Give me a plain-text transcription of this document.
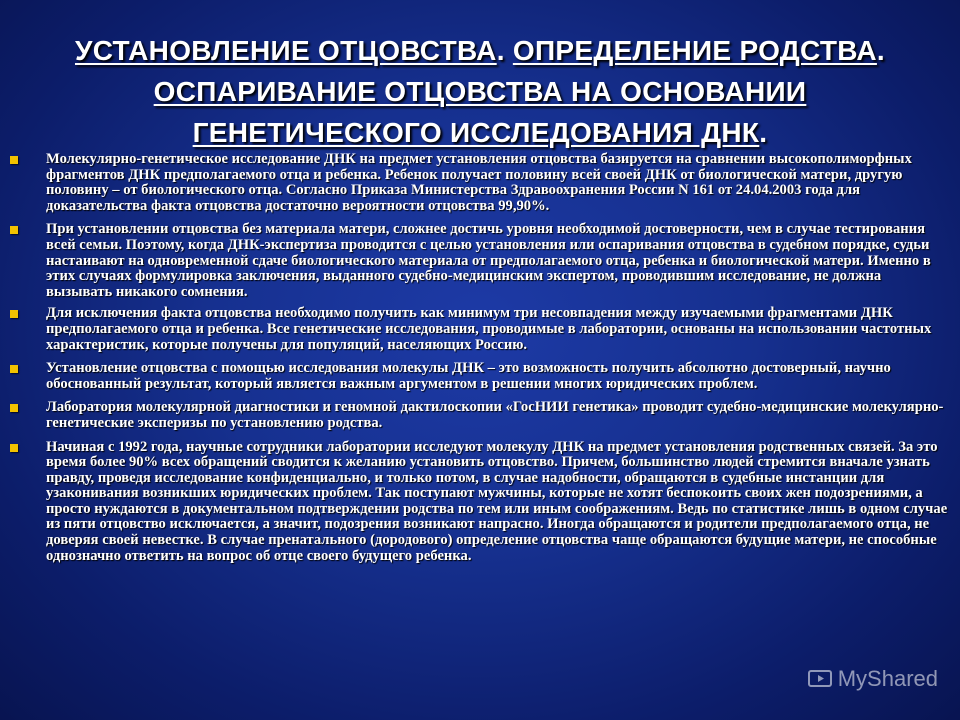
УСТАНОВЛЕНИЕ ОТЦОВСТВА. ОПРЕДЕЛЕНИЕ РОДСТВА.
ОСПАРИВАНИЕ ОТЦОВСТВА НА ОСНОВАНИИ
ГЕНЕТИЧЕСКОГО ИССЛЕДОВАНИЯ ДНК.
Молекулярно-генетическое исследование ДНК на предмет установления отцовства базируется на сравнении высокополиморфных фрагментов ДНК предполагаемого отца и ребенка. Ребенок получает половину всей своей ДНК от биологической матери, другую половину – от биологического отца. Согласно Приказа Министерства Здравоохранения России N 161 от 24.04.2003 года для доказательства факта отцовства достаточно вероятности отцовства 99,90%.
При установлении отцовства без материала матери, сложнее достичь уровня необходимой достоверности, чем в случае тестирования всей семьи. Поэтому, когда ДНК-экспертиза проводится с целью установления или оспаривания отцовства в судебном порядке, судьи настаивают на одновременной сдаче биологического материала от предполагаемого отца, ребенка и биологической матери. Именно в этих случаях формулировка заключения, выданного судебно-медицинским экспертом, проводившим исследование, не должна вызывать никакого сомнения.
Для исключения факта отцовства необходимо получить как минимум три несовпадения между изучаемыми фрагментами ДНК предполагаемого отца и ребенка. Все генетические исследования, проводимые в лаборатории, основаны на использовании частотных характеристик, которые получены для популяций, населяющих Россию.
Установление отцовства с помощью исследования молекулы ДНК – это возможность получить абсолютно достоверный, научно обоснованный результат, который является важным аргументом в решении многих юридических проблем.
Лаборатория молекулярной диагностики и геномной дактилоскопии «ГосНИИ генетика» проводит судебно-медицинские молекулярно-генетические эксперизы по установлению родства.
Начиная с 1992 года, научные сотрудники лаборатории исследуют молекулу ДНК на предмет установления родственных связей. За это время более 90% всех обращений сводится к желанию установить отцовство. Причем, большинство людей стремится вначале узнать правду, проведя исследование конфиденциально, и только потом, в случае надобности, обращаются в судебные инстанции для узаконивания возникших юридических проблем. Так поступают мужчины, которые не хотят беспокоить своих жен подозрениями, а просто нуждаются в документальном подтверждении родства по тем или иным соображениям. Ведь по статистике лишь в одном случае из пяти отцовство исключается, а значит, подозрения возникают напрасно. Иногда обращаются и родители предполагаемого отца, не доверяя своей невестке. В случае пренатального (дородового) определение отцовства чаще обращаются будущие матери, не способные однозначно ответить на вопрос об отце своего будущего ребенка.
MyShared
